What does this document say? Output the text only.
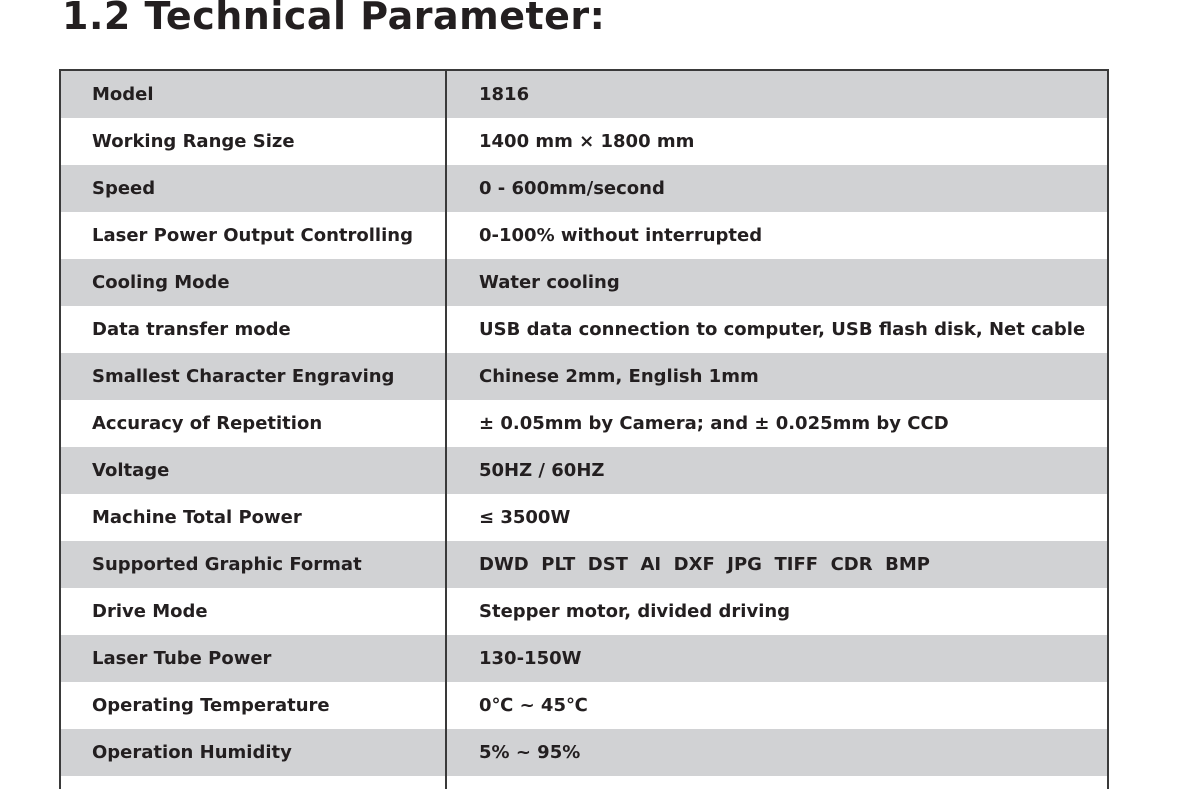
1.2 Technical Parameter:
Model	1816
Working Range Size	1400 mm × 1800 mm
Speed	0 - 600mm/second
Laser Power Output Controlling	0-100% without interrupted
Cooling Mode	Water cooling
Data transfer mode	USB data connection to computer, USB flash disk, Net cable
Smallest Character Engraving	Chinese 2mm, English 1mm
Accuracy of Repetition	± 0.05mm by Camera; and ± 0.025mm by CCD
Voltage	50HZ / 60HZ
Machine Total Power	≤ 3500W
Supported Graphic Format	DWD  PLT  DST  AI  DXF  JPG  TIFF  CDR  BMP
Drive Mode	Stepper motor, divided driving
Laser Tube Power	130-150W
Operating Temperature	0℃ ~ 45℃
Operation Humidity	5% ~ 95%
